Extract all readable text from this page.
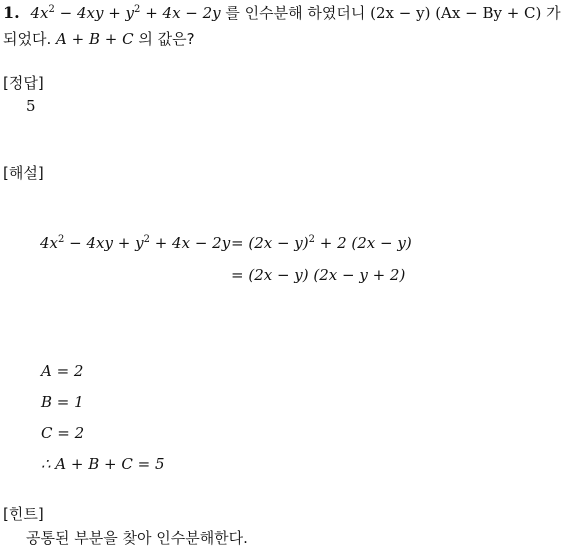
1. $4x^2 - 4xy + y^2 + 4x - 2y$ 를 인수분해 하였더니 (2x − y) (Ax − By + C) 가
되었다. A + B + C 의 값은?
[정답]
5
[해설]
$4x^2 - 4xy + y^2 + 4x - 2y = (2x - y)^2 + 2$ (2x − y)
= (2x − y) (2x − y + 2)
A = 2
B = 1
C = 2
∴ A + B + C = 5
[힌트]
공통된 부분을 찾아 인수분해한다.
